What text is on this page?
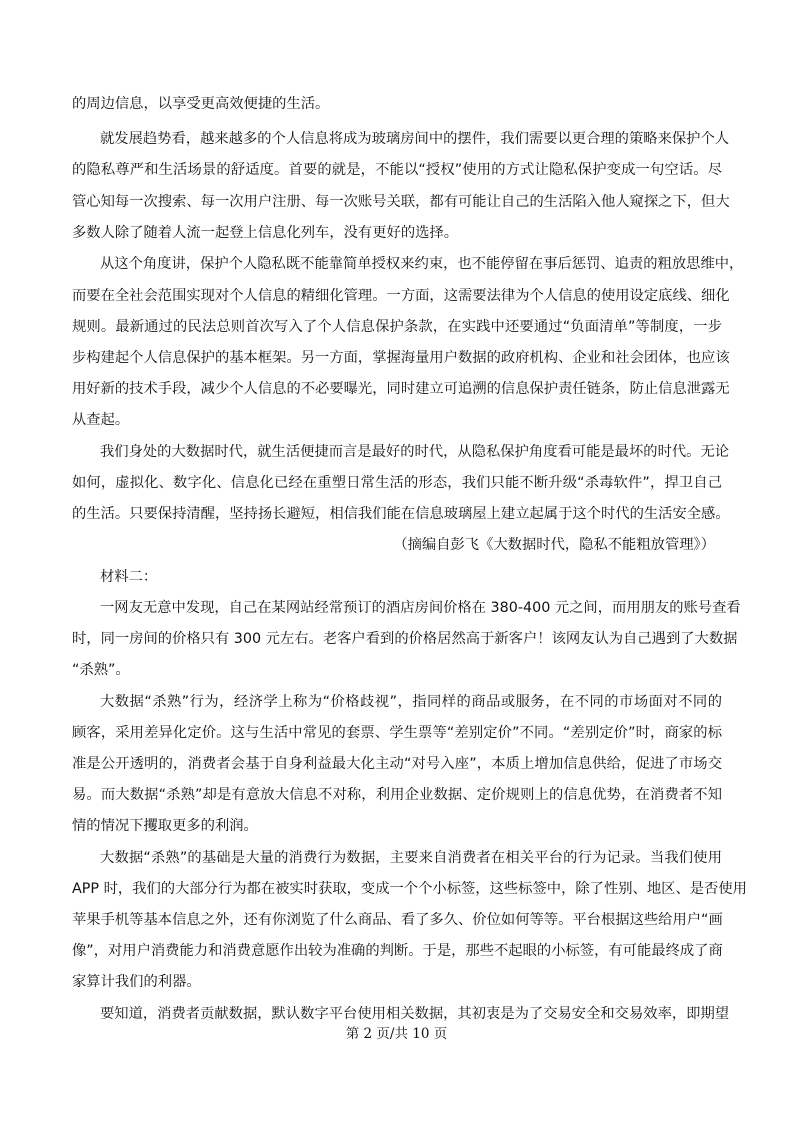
的周边信息，以享受更高效便捷的生活。
就发展趋势看，越来越多的个人信息将成为玻璃房间中的摆件，我们需要以更合理的策略来保护个人
的隐私尊严和生活场景的舒适度。首要的就是，不能以“授权”使用的方式让隐私保护变成一句空话。尽
管心知每一次搜索、每一次用户注册、每一次账号关联，都有可能让自己的生活陷入他人窥探之下，但大
多数人除了随着人流一起登上信息化列车，没有更好的选择。
从这个角度讲，保护个人隐私既不能靠简单授权来约束，也不能停留在事后惩罚、追责的粗放思维中，
而要在全社会范围实现对个人信息的精细化管理。一方面，这需要法律为个人信息的使用设定底线、细化
规则。最新通过的民法总则首次写入了个人信息保护条款，在实践中还要通过“负面清单”等制度，一步
步构建起个人信息保护的基本框架。另一方面，掌握海量用户数据的政府机构、企业和社会团体，也应该
用好新的技术手段，减少个人信息的不必要曝光，同时建立可追溯的信息保护责任链条，防止信息泄露无
从查起。
我们身处的大数据时代，就生活便捷而言是最好的时代，从隐私保护角度看可能是最坏的时代。无论
如何，虚拟化、数字化、信息化已经在重塑日常生活的形态，我们只能不断升级“杀毒软件”，捍卫自己
的生活。只要保持清醒，坚持扬长避短，相信我们能在信息玻璃屋上建立起属于这个时代的生活安全感。
（摘编自彭飞《大数据时代，隐私不能粗放管理》）
材料二：
一网友无意中发现，自己在某网站经常预订的酒店房间价格在 380-400 元之间，而用朋友的账号查看
时，同一房间的价格只有 300 元左右。老客户看到的价格居然高于新客户！该网友认为自己遇到了大数据
“杀熟”。
大数据“杀熟”行为，经济学上称为“价格歧视”，指同样的商品或服务，在不同的市场面对不同的
顾客，采用差异化定价。这与生活中常见的套票、学生票等“差别定价”不同。“差别定价”时，商家的标
准是公开透明的，消费者会基于自身利益最大化主动“对号入座”，本质上增加信息供给，促进了市场交
易。而大数据“杀熟”却是有意放大信息不对称，利用企业数据、定价规则上的信息优势，在消费者不知
情的情况下攫取更多的利润。
大数据“杀熟”的基础是大量的消费行为数据，主要来自消费者在相关平台的行为记录。当我们使用
APP 时，我们的大部分行为都在被实时获取，变成一个个小标签，这些标签中，除了性别、地区、是否使用
苹果手机等基本信息之外，还有你浏览了什么商品、看了多久、价位如何等等。平台根据这些给用户“画
像”，对用户消费能力和消费意愿作出较为准确的判断。于是，那些不起眼的小标签，有可能最终成了商
家算计我们的利器。
要知道，消费者贡献数据，默认数字平台使用相关数据，其初衷是为了交易安全和交易效率，即期望
第 2 页/共 10 页
